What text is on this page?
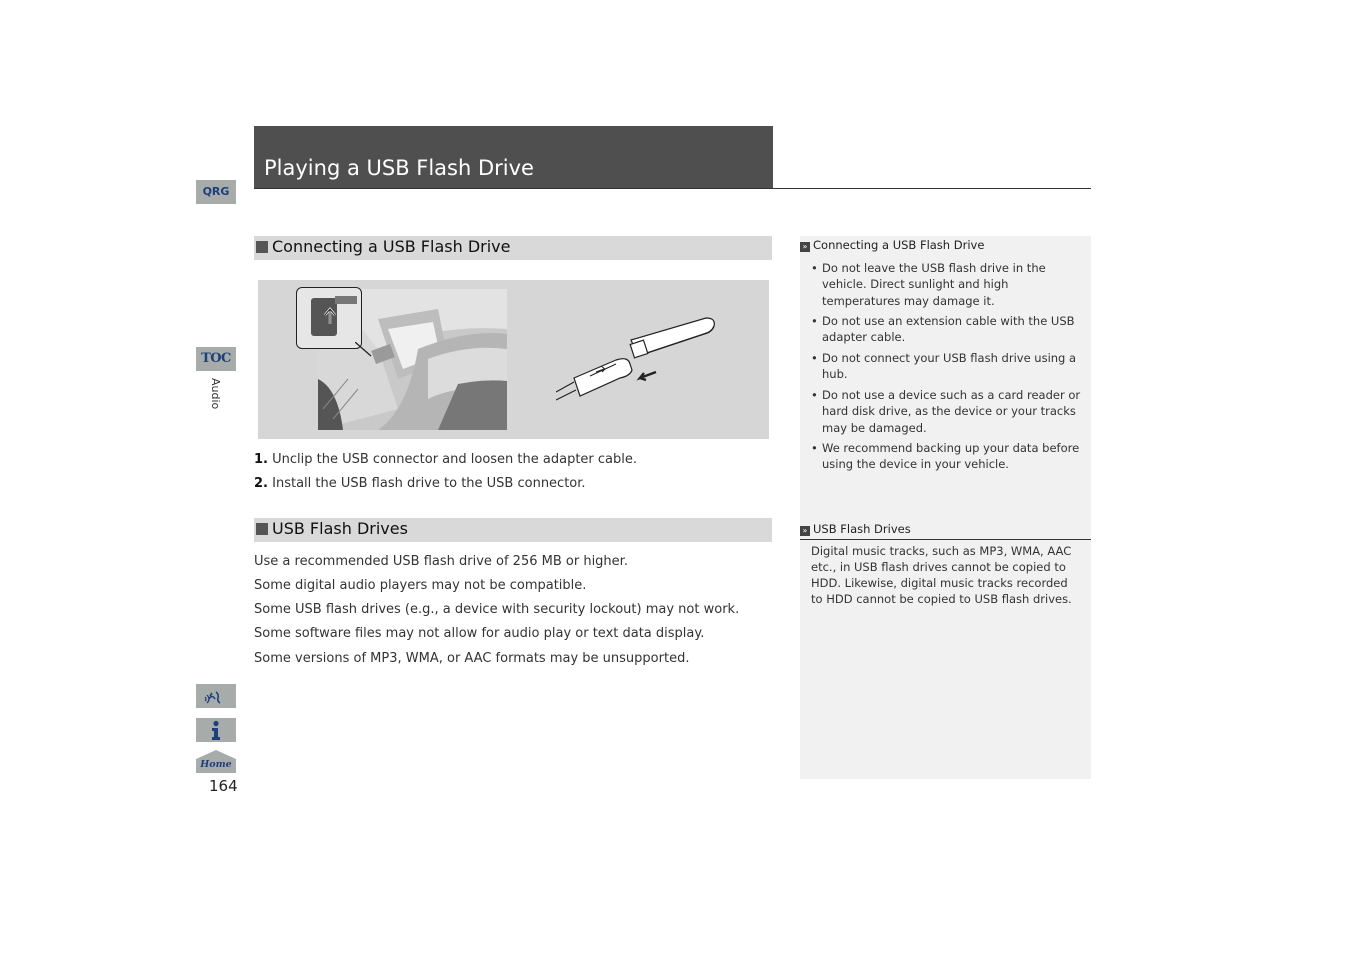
QRG
TOC
Audio
Home
164
Playing a USB Flash Drive
Connecting a USB Flash Drive
1. Unclip the USB connector and loosen the adapter cable.
2. Install the USB flash drive to the USB connector.
USB Flash Drives
Use a recommended USB flash drive of 256 MB or higher.
Some digital audio players may not be compatible.
Some USB flash drives (e.g., a device with security lockout) may not work.
Some software files may not allow for audio play or text data display.
Some versions of MP3, WMA, or AAC formats may be unsupported.
» Connecting a USB Flash Drive
• Do not leave the USB flash drive in the vehicle. Direct sunlight and high temperatures may damage it.
• Do not use an extension cable with the USB adapter cable.
• Do not connect your USB flash drive using a hub.
• Do not use a device such as a card reader or hard disk drive, as the device or your tracks may be damaged.
• We recommend backing up your data before using the device in your vehicle.
» USB Flash Drives
Digital music tracks, such as MP3, WMA, AAC etc., in USB flash drives cannot be copied to HDD. Likewise, digital music tracks recorded to HDD cannot be copied to USB flash drives.
